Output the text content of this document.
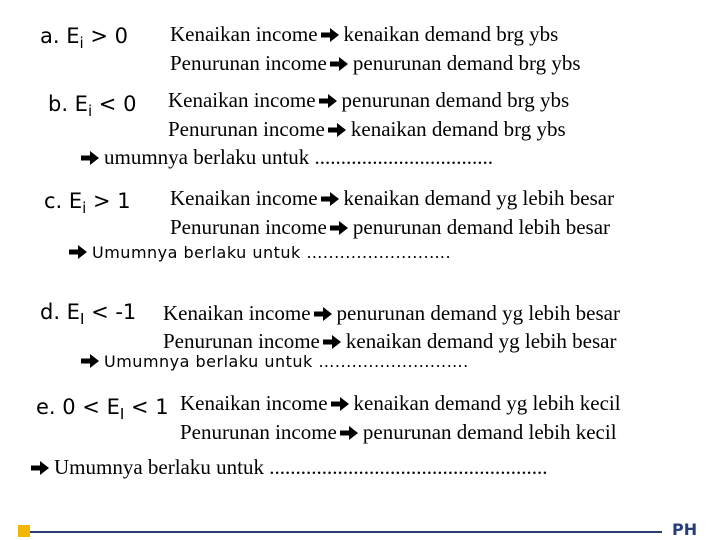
a. $E_i > 0$ Kenaikan income kenaikan demand brg ybs
Penurunan income penurunan demand brg ybs
b. $E_i < 0$ Kenaikan income penurunan demand brg ybs
Penurunan income kenaikan demand brg ybs
umumnya berlaku untuk ..................................
c. $E_i > 1$ Kenaikan income kenaikan demand yg lebih besar
Penurunan income penurunan demand lebih besar
Umumnya berlaku untuk …...................….
d. $E_I < -1$ Kenaikan income penurunan demand yg lebih besar
Penurunan income kenaikan demand yg lebih besar
Umumnya berlaku untuk …....................….
e. $0 < E_I < 1$ Kenaikan income kenaikan demand yg lebih kecil
Penurunan income penurunan demand lebih kecil
Umumnya berlaku untuk .....................................................
PH
